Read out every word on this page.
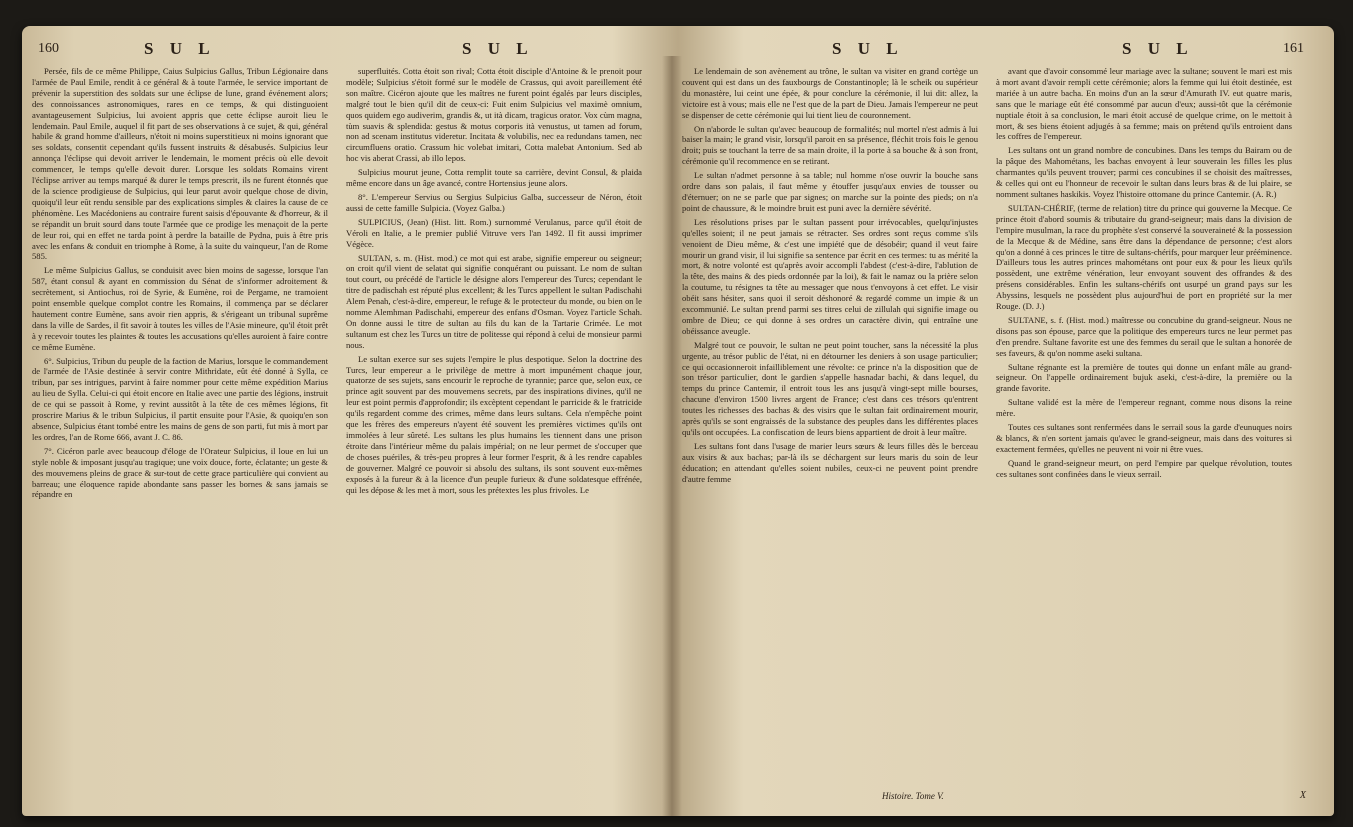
160	S U L	S U L

Persée, fils de ce même Philippe, Caius Sulpicius Gallus, Tribun Légionaire dans l'armée de Paul Emile, rendit à ce général & à toute l'armée, le service important de prévenir la superstition des soldats sur une éclipse de lune, grand événement alors; des connoissances astronomiques, rares en ce temps, & qui distinguoient avantageusement Sulpicius, lui avoient appris que cette éclipse auroit lieu le lendemain. Paul Emile, auquel il fit part de ses observations à ce sujet, & qui, général habile & grand homme d'ailleurs, n'étoit ni moins superstitieux ni moins ignorant que ses soldats, consentit cependant qu'ils fussent instruits & désabusés. Sulpicius leur annonça l'éclipse qui devoit arriver le lendemain, le moment précis où elle devoit commencer, le temps qu'elle devoit durer. Lorsque les soldats Romains virent l'éclipse arriver au temps marqué & durer le temps prescrit, ils ne furent étonnés que de la science prodigieuse de Sulpicius, qui leur parut avoir quelque chose de divin, quoiqu'il leur eût rendu sensible par des explications simples & claires la cause de ce phénomène. Les Macédoniens au contraire furent saisis d'épouvante & d'horreur, & il se répandit un bruit sourd dans toute l'armée que ce prodige les menaçoit de la perte de leur roi, qui en effet ne tarda point à perdre la bataille de Pydna, puis à être pris avec les enfans & conduit en triomphe à Rome, à la suite du vainqueur, l'an de Rome 585.

Le même Sulpicius Gallus, se conduisit avec bien moins de sagesse, lorsque l'an 587, étant consul & ayant en commission du Sénat de s'informer adroitement & secrètement, si Antiochus, roi de Syrie, & Eumène, roi de Pergame, ne tramoient point ensemble quelque complot contre les Romains, il commença par se déclarer hautement contre Eumène, sans avoir rien appris, & s'érigeant un tribunal suprême dans la ville de Sardes, il fit savoir à toutes les villes de l'Asie mineure, qu'il étoit prêt à y recevoir toutes les plaintes & toutes les accusations qu'elles auroient à faire contre ce même Eumène.

6°. Sulpicius, Tribun du peuple de la faction de Marius, lorsque le commandement de l'armée de l'Asie destinée à servir contre Mithridate, eût été donné à Sylla, ce tribun, par ses intrigues, parvint à faire nommer pour cette même expédition Marius au lieu de Sylla. Celui-ci qui étoit encore en Italie avec une partie des légions, instruit de ce qui se passoit à Rome, y revint aussitôt à la tête de ces mêmes légions, fit proscrire Marius & le tribun Sulpicius, il partit ensuite pour l'Asie, & quoiqu'en son absence, Sulpicius étant tombé entre les mains de gens de son parti, fut mis à mort par les ordres, l'an de Rome 666, avant J. C. 86.

7°. Cicéron parle avec beaucoup d'éloge de l'Orateur Sulpicius, il loue en lui un style noble & imposant jusqu'au tragique; une voix douce, forte, éclatante; un geste & des mouvemens pleins de grace & sur-tout de cette grace particulière qui convient au barreau; une éloquence rapide abondante sans passer les bornes & sans jamais se répandre en

superfluités. Cotta étoit son rival; Cotta étoit disciple d'Antoine & le prenoit pour modèle; Sulpicius s'étoit formé sur le modèle de Crassus, qui avoit pareillement été son maître. Cicéron ajoute que les maîtres ne furent point égalés par leurs disciples, malgré tout le bien qu'il dit de ceux-ci: Fuit enim Sulpicius vel maximè omnium, quos quidem ego audiverim, grandis &, ut ità dicam, tragicus orator. Vox cùm magna, tùm suavis & splendida: gestus & motus corporis ità venustus, ut tamen ad forum, non ad scenam institutus videretur. Incitata & volubilis, nec ea redundans tamen, nec circumfluens oratio. Crassum hic volebat imitari, Cotta malebat Antonium. Sed ab hoc vis aberat Crassi, ab illo lepos.

Sulpicius mourut jeune, Cotta remplit toute sa carrière, devint Consul, & plaida même encore dans un âge avancé, contre Hortensius jeune alors.

8°. L'empereur Servius ou Sergius Sulpicius Galba, successeur de Néron, étoit aussi de cette famille Sulpicia. (Voyez Galba.)

SULPICIUS, (Jean) (Hist. litt. Rom.) surnommé Verulanus, parce qu'il étoit de Véroli en Italie, a le premier publié Vitruve vers l'an 1492. Il fit aussi imprimer Végèce.

SULTAN, s. m. (Hist. mod.) ce mot qui est arabe, signifie empereur ou seigneur; on croit qu'il vient de selatat qui signifie conquérant ou puissant. Le nom de sultan tout court, ou précédé de l'article le désigne alors l'empereur des Turcs; cependant le titre de padischah est réputé plus excellent; & les Turcs appellent le sultan Padischahi Alem Penah, c'est-à-dire, empereur, le refuge & le protecteur du monde, ou bien on le nomme Alemhman Padischahi, empereur des enfans d'Osman. Voyez l'article Schah. On donne aussi le titre de sultan au fils du kan de la Tartarie Crimée. Le mot sultanum est chez les Turcs un titre de politesse qui répond à celui de monsieur parmi nous.

Le sultan exerce sur ses sujets l'empire le plus despotique. Selon la doctrine des Turcs, leur empereur a le privilège de mettre à mort impunément chaque jour, quatorze de ses sujets, sans encourir le reproche de tyrannie; parce que, selon eux, ce prince agit souvent par des mouvemens secrets, par des inspirations divines, qu'il ne leur est point permis d'approfondir; ils excèptent cependant le parricide & le fratricide qu'ils regardent comme des crimes, même dans leurs sultans. Cela n'empêche point que les frères des empereurs n'ayent été souvent les premières victimes qu'ils ont immolées à leur sûreté. Les sultans les plus humains les tiennent dans une prison étroite dans l'intérieur même du palais impérial; on ne leur permet de s'occuper que de choses puériles, & très-peu propres à leur former l'esprit, & à les rendre capables de gouverner. Malgré ce pouvoir si absolu des sultans, ils sont souvent eux-mêmes exposés à la fureur & à la licence d'un peuple furieux & d'une soldatesque effrénée, qui les dépose & les met à mort, sous les prétextes les plus frivoles. Le

S U L	S U L	161

Le lendemain de son avènement au trône, le sultan va visiter en grand cortège un couvent qui est dans un des fauxbourgs de Constantinople; là le scheik ou supérieur du monastère, lui ceint une épée, & pour conclure la cérémonie, il lui dit: allez, la victoire est à vous; mais elle ne l'est que de la part de Dieu. Jamais l'empereur ne peut se dispenser de cette cérémonie qui lui tient lieu de couronnement.

On n'aborde le sultan qu'avec beaucoup de formalités; nul mortel n'est admis à lui baiser la main; le grand visir, lorsqu'il paroit en sa présence, fléchit trois fois le genou droit; puis se touchant la terre de sa main droite, il la porte à sa bouche & à son front, cérémonie qu'il recommence en se retirant.

Le sultan n'admet personne à sa table; nul homme n'ose ouvrir la bouche sans ordre dans son palais, il faut même y étouffer jusqu'aux envies de tousser ou d'éternuer; on ne se parle que par signes; on marche sur la pointe des pieds; on n'a point de chaussure, & le moindre bruit est puni avec la dernière sévérité.

Les résolutions prises par le sultan passent pour irrévocables, quelqu'injustes qu'elles soient; il ne peut jamais se rétracter. Ses ordres sont reçus comme s'ils venoient de Dieu même, & c'est une impiété que de désobéir; quand il veut faire mourir un grand visir, il lui signifie sa sentence par écrit en ces termes: tu as mérité la mort, & notre volonté est qu'après avoir accompli l'abdest (c'est-à-dire, l'ablution de la tête, des mains & des pieds ordonnée par la loi), & fait le namaz ou la prière selon la coutume, tu résignes ta tête au messager que nous t'envoyons à cet effet. Le visir obéit sans hésiter, sans quoi il seroit déshonoré & regardé comme un impie & un excommunié. Le sultan prend parmi ses titres celui de zillulah qui signifie image ou ombre de Dieu; ce qui donne à ses ordres un caractère divin, qui entraîne une obéissance aveugle.

Malgré tout ce pouvoir, le sultan ne peut point toucher, sans la nécessité la plus urgente, au trésor public de l'état, ni en détourner les deniers à son usage particulier; ce qui occasionneroit infailliblement une révolte: ce prince n'a la disposition que de son trésor particulier, dont le gardien s'appelle hasnadar bachi, & dans lequel, du temps du prince Cantemir, il entroit tous les ans jusqu'à vingt-sept mille bourses, chacune d'environ 1500 livres argent de France; c'est dans ces trésors qu'entrent toutes les richesses des bachas & des visirs que le sultan fait ordinairement mourir, après qu'ils se sont engraissés de la substance des peuples dans les différentes places qu'ils ont occupées. La confiscation de leurs biens appartient de droit à leur maître.

Les sultans font dans l'usage de marier leurs sœurs & leurs filles dès le berceau aux visirs & aux bachas; par-là ils se déchargent sur leurs maris du soin de leur éducation; en attendant qu'elles soient nubiles, ceux-ci ne peuvent point prendre d'autre femme

avant que d'avoir consommé leur mariage avec la sultane; souvent le mari est mis à mort avant d'avoir rempli cette cérémonie; alors la femme qui lui étoit destinée, est mariée à un autre bacha. En moins d'un an la sœur d'Amurath IV. eut quatre maris, sans que le mariage eût été consommé par aucun d'eux; aussi-tôt que la cérémonie nuptiale étoit à sa conclusion, le mari étoit accusé de quelque crime, on le mettoit à mort, & ses biens étoient adjugés à sa femme; mais on prétend qu'ils entroient dans les coffres de l'empereur.

Les sultans ont un grand nombre de concubines. Dans les temps du Bairam ou de la pâque des Mahométans, les bachas envoyent à leur souverain les filles les plus charmantes qu'ils peuvent trouver; parmi ces concubines il se choisit des maîtresses, & celles qui ont eu l'honneur de recevoir le sultan dans leurs bras & de lui plaire, se nomment sultanes haskikis. Voyez l'histoire ottomane du prince Cantemir. (A. R.)

SULTAN-CHÉRIF, (terme de relation) titre du prince qui gouverne la Mecque. Ce prince étoit d'abord soumis & tributaire du grand-seigneur; mais dans la division de l'empire musulman, la race du prophète s'est conservé la souveraineté & la possession de la Mecque & de Médine, sans être dans la dépendance de personne; c'est alors qu'on a donné à ces princes le titre de sultans-chérifs, pour marquer leur prééminence. D'ailleurs tous les autres princes mahométans ont pour eux & pour les lieux qu'ils possèdent, une extrême vénération, leur envoyant souvent des offrandes & des présens considérables. Enfin les sultans-chérifs ont usurpé un grand pays sur les Abyssins, lesquels ne possèdent plus aujourd'hui de port en propriété sur la mer Rouge. (D. J.)

SULTANE, s. f. (Hist. mod.) maîtresse ou concubine du grand-seigneur. Nous ne disons pas son épouse, parce que la politique des empereurs turcs ne leur permet pas d'en prendre. Sultane favorite est une des femmes du serail que le sultan a honorée de ses faveurs, & qu'on nomme aseki sultana.

Sultane régnante est la première de toutes qui donne un enfant mâle au grand-seigneur. On l'appelle ordinairement bujuk aseki, c'est-à-dire, la première ou la grande favorite.

Sultane validé est la mère de l'empereur regnant, comme nous disons la reine mère.

Toutes ces sultanes sont renfermées dans le serrail sous la garde d'eunuques noirs & blancs, & n'en sortent jamais qu'avec le grand-seigneur, mais dans des voitures si exactement fermées, qu'elles ne peuvent ni voir ni être vues.

Quand le grand-seigneur meurt, on perd l'empire par quelque révolution, toutes ces sultanes sont confinées dans le vieux serrail.

Histoire. Tome V.	X
